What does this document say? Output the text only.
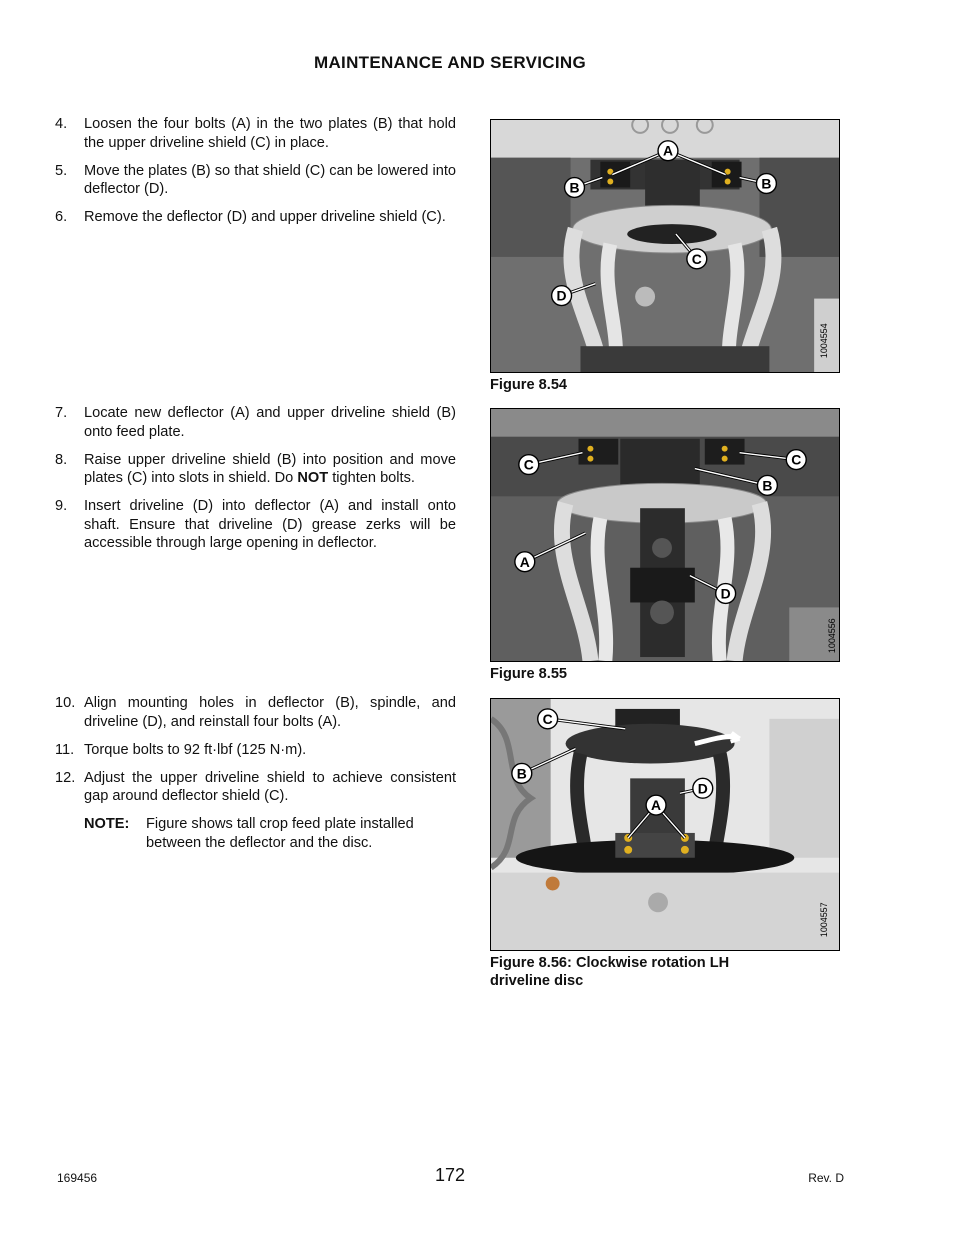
MAINTENANCE AND SERVICING
4.	Loosen the four bolts (A) in the two plates (B) that hold the upper driveline shield (C) in place.
5.	Move the plates (B) so that shield (C) can be lowered into deflector (D).
6.	Remove the deflector (D) and upper driveline shield (C).
7.	Locate new deflector (A) and upper driveline shield (B) onto feed plate.
8.	Raise upper driveline shield (B) into position and move plates (C) into slots in shield. Do NOT tighten bolts.
9.	Insert driveline (D) into deflector (A) and install onto shaft. Ensure that driveline (D) grease zerks will be accessible through large opening in deflector.
10. Align mounting holes in deflector (B), spindle, and driveline (D), and reinstall four bolts (A).
11. Torque bolts to 92 ft·lbf (125 N·m).
12. Adjust the upper driveline shield to achieve consistent gap around deflector shield (C).
NOTE:	Figure shows tall crop feed plate installed between the deflector and the disc.
A
B	B
C
D
1004554
Figure 8.54
C	C
B
A
D
1004556
Figure 8.55
C
B
A
D
1004557
Figure 8.56: Clockwise rotation LH driveline disc
169456	172	Rev. D
